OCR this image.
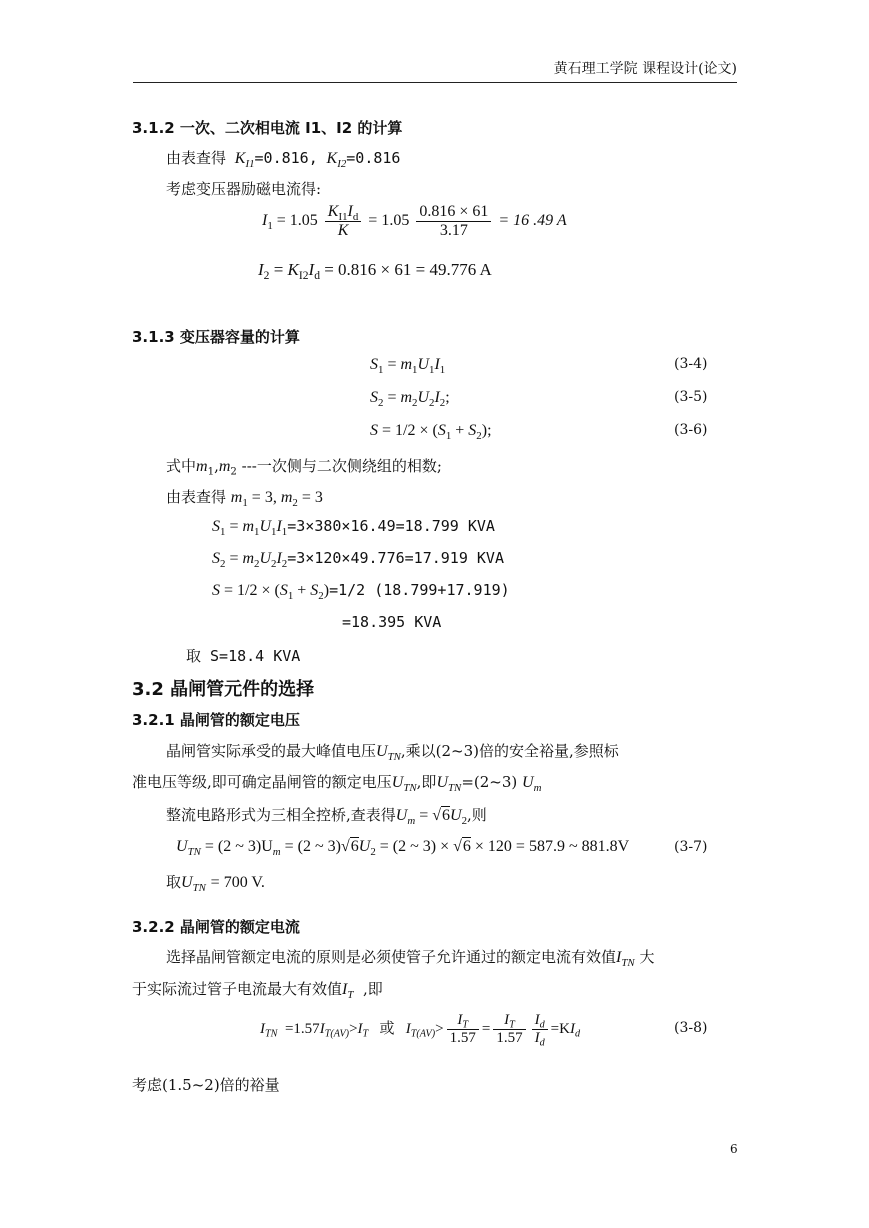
黄石理工学院 课程设计(论文)
3.1.2 一次、二次相电流 I1、I2 的计算
由表查得  $K_{I1}=0.816$,  $K_{I2}=0.816$
考虑变压器励磁电流得:
$I_1 = 1.05 \frac{K_{I1}I_d}{K} = 1.05 \frac{0.816 \times 61}{3.17} = 16$ .49 A
$I_2 = K_{I2}I_d = 0.816 \times 61 = 49.776$ A
3.1.3 变压器容量的计算
$S_1 = m_1U_1I_1$	(3-4)
$S_2 = m_2U_2I_2$;	(3-5)
$S = 1/2 \times (S_1 + S_2)$;	(3-6)
式中$m_1,m_2$ ---一次侧与二次侧绕组的相数;
由表查得 $m_1 = 3$, $m_2 = 3$
$S_1 = m_1U_1I_1=3\times 380\times 16.49=18.799$ KVA
$S_2 = m_2U_2I_2=3\times 120\times 49.776=17.919$ KVA
$S = 1/2 \times (S_1 + S_2)=1/2$ (18.799+17.919)
=18.395 KVA
取 S=18.4 KVA
3.2 晶闸管元件的选择
3.2.1 晶闸管的额定电压
晶闸管实际承受的最大峰值电压$U_{TN}$,乘以(2~3)倍的安全裕量,参照标
准电压等级,即可确定晶闸管的额定电压$U_{TN}$,即$U_{TN}=(2\sim 3)$ $U_m$
整流电路形式为三相全控桥,查表得$U_m = √6U_2$,则
$U_{TN} = (2$ ~ $3)U_m = (2$ ~ $3)√6U_2 = (2$ ~ 3) × √6 × 120 = 587.9 ~ 881.8V	(3-7)
取$U_{TN} = 700$ V.
3.2.2 晶闸管的额定电流
选择晶闸管额定电流的原则是必须使管子允许通过的额定电流有效值$I_{TN}$ 大
于实际流过管子电流最大有效值$I_T$ ,即
$I_{TN} =1.57I_{T(AV)}>I_T$ 或 $I_{T(AV)}> \frac{I_T}{1.57} = \frac{I_T}{1.57} \frac{I_d}{I_d} =KI_d$	(3-8)
考虑(1.5~2)倍的裕量
6
